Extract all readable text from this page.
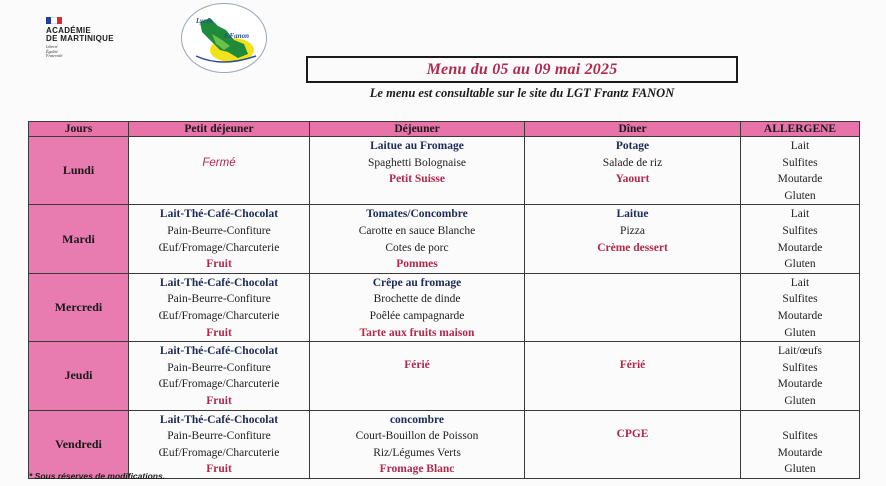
ACADÉMIE
DE MARTINIQUE
Liberté
Égalité
Fraternité
Lycée
F.Fanon
Menu du 05 au 09 mai 2025
Le menu est consultable sur le site du LGT Frantz FANON
Jours	Petit déjeuner	Déjeuner	Dîner	ALLERGENE
Lundi	Fermé	Laitue au Fromage
Spaghetti Bolognaise
Petit Suisse	Potage
Salade de riz
Yaourt	Lait
Sulfites
Moutarde
Gluten

Mardi	Lait-Thé-Café-Chocolat
Pain-Beurre-Confiture
Œuf/Fromage/Charcuterie
Fruit	Tomates/Concombre
Carotte en sauce Blanche
Cotes de porc
Pommes	Laitue
Pizza
Crème dessert	Lait
Sulfites
Moutarde
Gluten

Mercredi	Lait-Thé-Café-Chocolat
Pain-Beurre-Confiture
Œuf/Fromage/Charcuterie
Fruit	Crêpe au fromage
Brochette de dinde
Poêlée campagnarde
Tarte aux fruits maison		Lait
Sulfites
Moutarde
Gluten

Jeudi	Lait-Thé-Café-Chocolat
Pain-Beurre-Confiture
Œuf/Fromage/Charcuterie
Fruit	Férié	Férié	Lait/œufs
Sulfites
Moutarde
Gluten

Vendredi	Lait-Thé-Café-Chocolat
Pain-Beurre-Confiture
Œuf/Fromage/Charcuterie
Fruit	concombre
Court-Bouillon de Poisson
Riz/Légumes Verts
Fromage Blanc	CPGE	Sulfites
Moutarde
Gluten
* Sous réserves de modifications.
